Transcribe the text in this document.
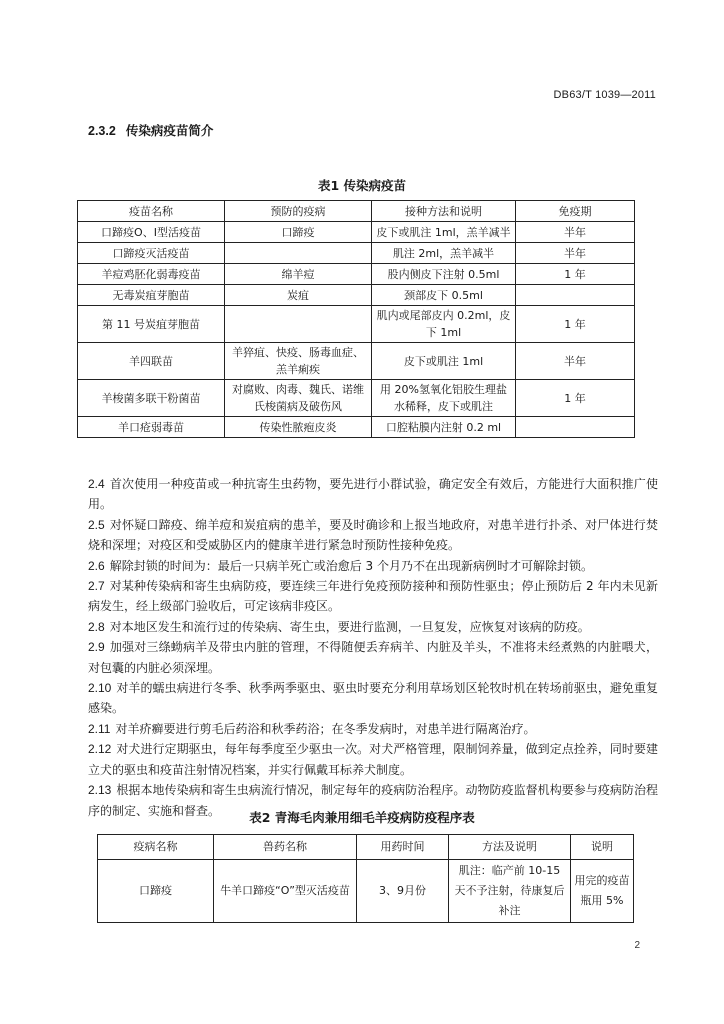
DB63/T 1039—2011
2.3.2 传染病疫苗简介
表1 传染病疫苗
疫苗名称	预防的疫病	接种方法和说明	免疫期
口蹄疫O、I型活疫苗	口蹄疫	皮下或肌注 1ml，羔羊减半	半年
口蹄疫灭活疫苗		肌注 2ml，羔羊减半	半年
羊痘鸡胚化弱毒疫苗	绵羊痘	股内侧皮下注射 0.5ml	1 年
无毒炭疽芽胞苗	炭疽	颈部皮下 0.5ml	
第 11 号炭疽芽胞苗		肌内或尾部皮内 0.2ml，皮下 1ml	1 年
羊四联苗	羊猝疽、快疫、肠毒血症、羔羊痢疾	皮下或肌注 1ml	半年
羊梭菌多联干粉菌苗	对腐败、肉毒、魏氏、诺维氏梭菌病及破伤风	用 20%氢氧化铝胶生理盐水稀释，皮下或肌注	1 年
羊口疮弱毒苗	传染性脓疱皮炎	口腔粘膜内注射 0.2 ml	

2.4 首次使用一种疫苗或一种抗寄生虫药物，要先进行小群试验，确定安全有效后，方能进行大面积推广使用。

2.5 对怀疑口蹄疫、绵羊痘和炭疽病的患羊，要及时确诊和上报当地政府，对患羊进行扑杀、对尸体进行焚烧和深埋；对疫区和受威胁区内的健康羊进行紧急时预防性接种免疫。

2.6 解除封锁的时间为：最后一只病羊死亡或治愈后 3 个月乃不在出现新病例时才可解除封锁。

2.7 对某种传染病和寄生虫病防疫，要连续三年进行免疫预防接种和预防性驱虫；停止预防后 2 年内未见新病发生，经上级部门验收后，可定该病非疫区。

2.8 对本地区发生和流行过的传染病、寄生虫，要进行监测，一旦复发，应恢复对该病的防疫。

2.9 加强对三绦蚴病羊及带虫内脏的管理，不得随便丢弃病羊、内脏及羊头，不准将未经煮熟的内脏喂犬，对包囊的内脏必须深埋。

2.10 对羊的蠕虫病进行冬季、秋季两季驱虫、驱虫时要充分利用草场划区轮牧时机在转场前驱虫，避免重复感染。

2.11 对羊疥癣要进行剪毛后药浴和秋季药浴；在冬季发病时，对患羊进行隔离治疗。

2.12 对犬进行定期驱虫，每年每季度至少驱虫一次。对犬严格管理，限制饲养量，做到定点拴养，同时要建立犬的驱虫和疫苗注射情况档案，并实行佩戴耳标养犬制度。

2.13 根据本地传染病和寄生虫病流行情况，制定每年的疫病防治程序。动物防疫监督机构要参与疫病防治程序的制定、实施和督查。	表2 青海毛肉兼用细毛羊疫病防疫程序表
疫病名称	兽药名称	用药时间	方法及说明	说明
口蹄疫	牛羊口蹄疫“O”型灭活疫苗	3、9月份	肌注：临产前 10-15 天不予注射，待康复后补注	用完的疫苗瓶用 5%
2
